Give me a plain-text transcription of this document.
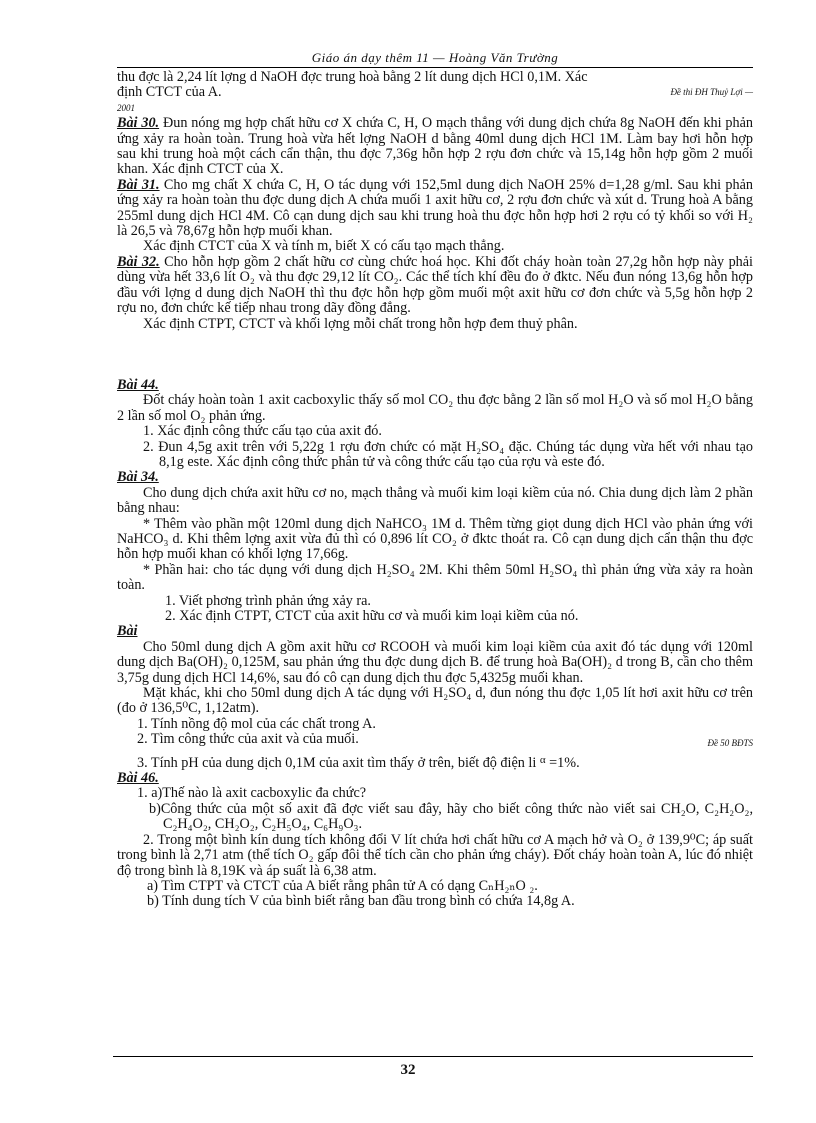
Giáo án dạy thêm 11 — Hoàng Văn Trường

thu đợc là 2,24 lít lợng d NaOH đợc trung hoà bằng 2 lít dung dịch HCl 0,1M. Xác

định CTCT của A.	Đề thi ĐH Thuỷ Lợi —

2001

Bài 30. Đun nóng mg hợp chất hữu cơ X chứa C, H, O mạch thẳng với dung dịch chứa 8g NaOH đến khi phản ứng xảy ra hoàn toàn. Trung hoà vừa hết lợng NaOH d bằng 40ml dung dịch HCl 1M. Làm bay hơi hỗn hợp sau khi trung hoà một cách cẩn thận, thu đợc 7,36g hỗn hợp 2 rợu đơn chức và 15,14g hỗn hợp gồm 2 muối khan. Xác định CTCT của X.

Bài 31. Cho mg chất X chứa C, H, O tác dụng với 152,5ml dung dịch NaOH 25% d=1,28 g/ml. Sau khi phản ứng xảy ra hoàn toàn thu đợc dung dịch A chứa muối 1 axit hữu cơ, 2 rợu đơn chức và xút d. Trung hoà A bằng 255ml dung dịch HCl 4M. Cô cạn dung dịch sau khi trung hoà thu đợc hỗn hợp hơi 2 rợu có tỷ khối so với H₂ là 26,5 và 78,67g hỗn hợp muối khan.

Xác định CTCT của X và tính m, biết X có cấu tạo mạch thẳng.

Bài 32. Cho hỗn hợp gồm 2 chất hữu cơ cùng chức hoá học. Khi đốt cháy hoàn toàn 27,2g hỗn hợp này phải dùng vừa hết 33,6 lít O₂ và thu đợc 29,12 lít CO₂. Các thể tích khí đều đo ở đktc. Nếu đun nóng 13,6g hỗn hợp đầu với lợng d dung dịch NaOH thì thu đợc hỗn hợp gồm muối một axit hữu cơ đơn chức và 5,5g hỗn hợp 2 rợu no, đơn chức kế tiếp nhau trong dãy đồng đẳng.

Xác định CTPT, CTCT và khối lợng mỗi chất trong hỗn hợp đem thuỷ phân.

Bài 44.

Đốt cháy hoàn toàn 1 axit cacboxylic thấy số mol CO₂ thu đợc bằng 2 lần số mol H₂O và số mol H₂O bằng 2 lần số mol O₂ phản ứng.

1. Xác định công thức cấu tạo của axit đó.

2. Đun 4,5g axit trên với 5,22g 1 rợu đơn chức có mặt H₂SO₄ đặc. Chúng tác dụng vừa hết với nhau tạo 8,1g este. Xác định công thức phân tử và công thức cấu tạo của rợu và este đó.

Bài 34.

Cho dung dịch chứa axit hữu cơ no, mạch thẳng và muối kim loại kiềm của nó. Chia dung dịch làm 2 phần bằng nhau:

* Thêm vào phần một 120ml dung dịch NaHCO₃ 1M d. Thêm từng giọt dung dịch HCl vào phản ứng với NaHCO₃ d. Khi thêm lợng axit vừa đủ thì có 0,896 lít CO₂ ở đktc thoát ra. Cô cạn dung dịch cẩn thận thu đợc hỗn hợp muối khan có khối lợng 17,66g.

* Phần hai: cho tác dụng với dung dịch H₂SO₄ 2M. Khi thêm 50ml H₂SO₄ thì phản ứng vừa xảy ra hoàn toàn.

1. Viết phơng trình phản ứng xảy ra.

2. Xác định CTPT, CTCT của axit hữu cơ và muối kim loại kiềm của nó.

Bài

Cho 50ml dung dịch A gồm axit hữu cơ RCOOH và muối kim loại kiềm của axit đó tác dụng với 120ml dung dịch Ba(OH)₂ 0,125M, sau phản ứng thu đợc dung dịch B. để trung hoà Ba(OH)₂ d trong B, cần cho thêm 3,75g dung dịch HCl 14,6%, sau đó cô cạn dung dịch thu đợc 5,4325g muối khan.

Mặt khác, khi cho 50ml dung dịch A tác dụng với H₂SO₄ d, đun nóng thu đợc 1,05 lít hơi axit hữu cơ trên (đo ở 136,5⁰C, 1,12atm).

1. Tính nồng độ mol của các chất trong A.

2. Tìm công thức của axit và của muối.	Đề 50 BĐTS

3. Tính pH của dung dịch 0,1M của axit tìm thấy ở trên, biết độ điện li $^\alpha$ =1%.

Bài 46.

1. a)Thế nào là axit cacboxylic đa chức?

b)Công thức của một số axit đã đợc viết sau đây, hãy cho biết công thức nào viết sai CH₂O, C₂H₂O₂, C₂H₄O₂, CH₂O₂, C₂H₅O₄, C₆H₉O₃.

2. Trong một bình kín dung tích không đổi V lít chứa hơi chất hữu cơ A mạch hở và O₂ ở 139,9⁰C; áp suất trong bình là 2,71 atm (thể tích O₂ gấp đôi thể tích cần cho phản ứng cháy). Đốt cháy hoàn toàn A, lúc đó nhiệt độ trong bình là 8,19K và áp suất là 6,38 atm.

a) Tìm CTPT và CTCT của A biết rằng phân tử A có dạng CₙH₂ₙO ₂.

b) Tính dung tích V của bình biết rằng ban đầu trong bình có chứa 14,8g A.

32
